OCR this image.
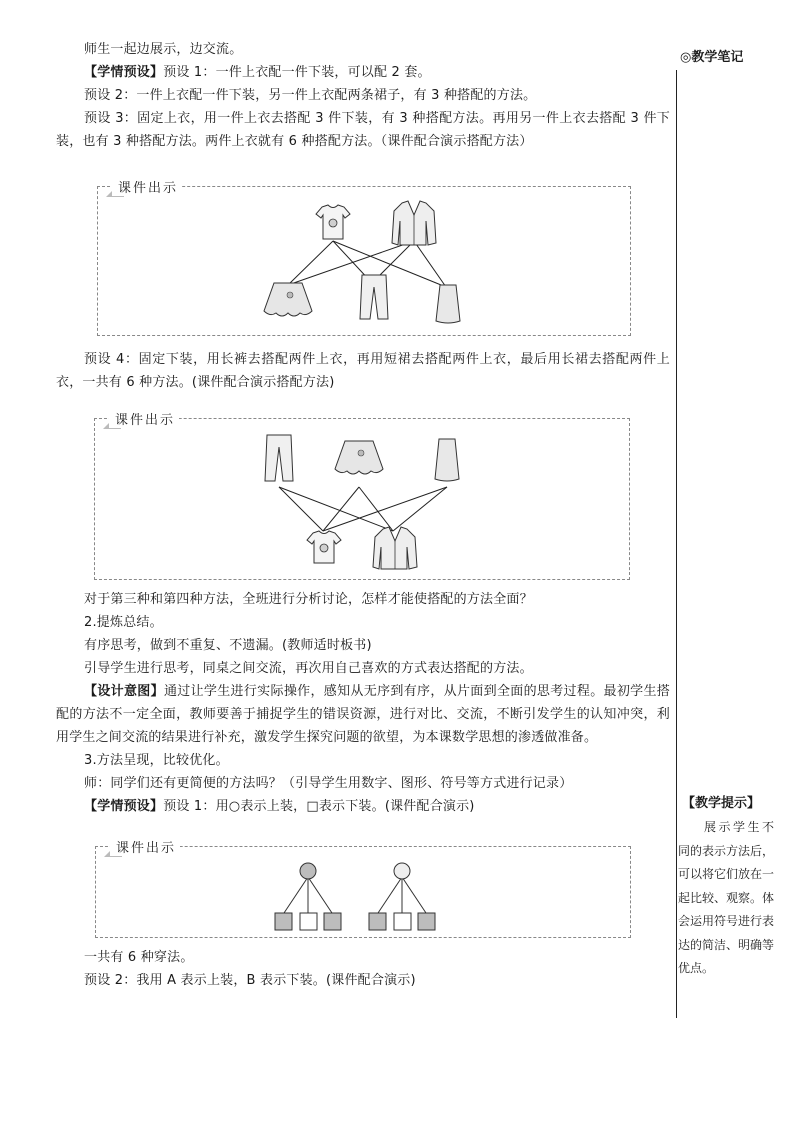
◎教学笔记
【教学提示】
展示学生不同的表示方法后，可以将它们放在一起比较、观察。体会运用符号进行表达的简洁、明确等优点。

师生一起边展示，边交流。

【学情预设】预设 1：一件上衣配一件下装，可以配 2 套。

预设 2：一件上衣配一件下装，另一件上衣配两条裙子，有 3 种搭配的方法。

预设 3：固定上衣，用一件上衣去搭配 3 件下装，有 3 种搭配方法。再用另一件上衣去搭配 3 件下装，也有 3 种搭配方法。两件上衣就有 6 种搭配方法。（课件配合演示搭配方法）

课件出示

预设 4：固定下装，用长裤去搭配两件上衣，再用短裙去搭配两件上衣，最后用长裙去搭配两件上衣，一共有 6 种方法。(课件配合演示搭配方法)

课件出示

对于第三种和第四种方法，全班进行分析讨论，怎样才能使搭配的方法全面？

2.提炼总结。

有序思考，做到不重复、不遗漏。(教师适时板书)

引导学生进行思考，同桌之间交流，再次用自己喜欢的方式表达搭配的方法。

【设计意图】通过让学生进行实际操作，感知从无序到有序，从片面到全面的思考过程。最初学生搭配的方法不一定全面，教师要善于捕捉学生的错误资源，进行对比、交流，不断引发学生的认知冲突，利用学生之间交流的结果进行补充，激发学生探究问题的欲望，为本课数学思想的渗透做准备。

3.方法呈现，比较优化。

师：同学们还有更简便的方法吗？（引导学生用数字、图形、符号等方式进行记录）

【学情预设】预设 1：用○表示上装，□表示下装。(课件配合演示)

课件出示

一共有 6 种穿法。

预设 2：我用 A 表示上装，B 表示下装。(课件配合演示)
